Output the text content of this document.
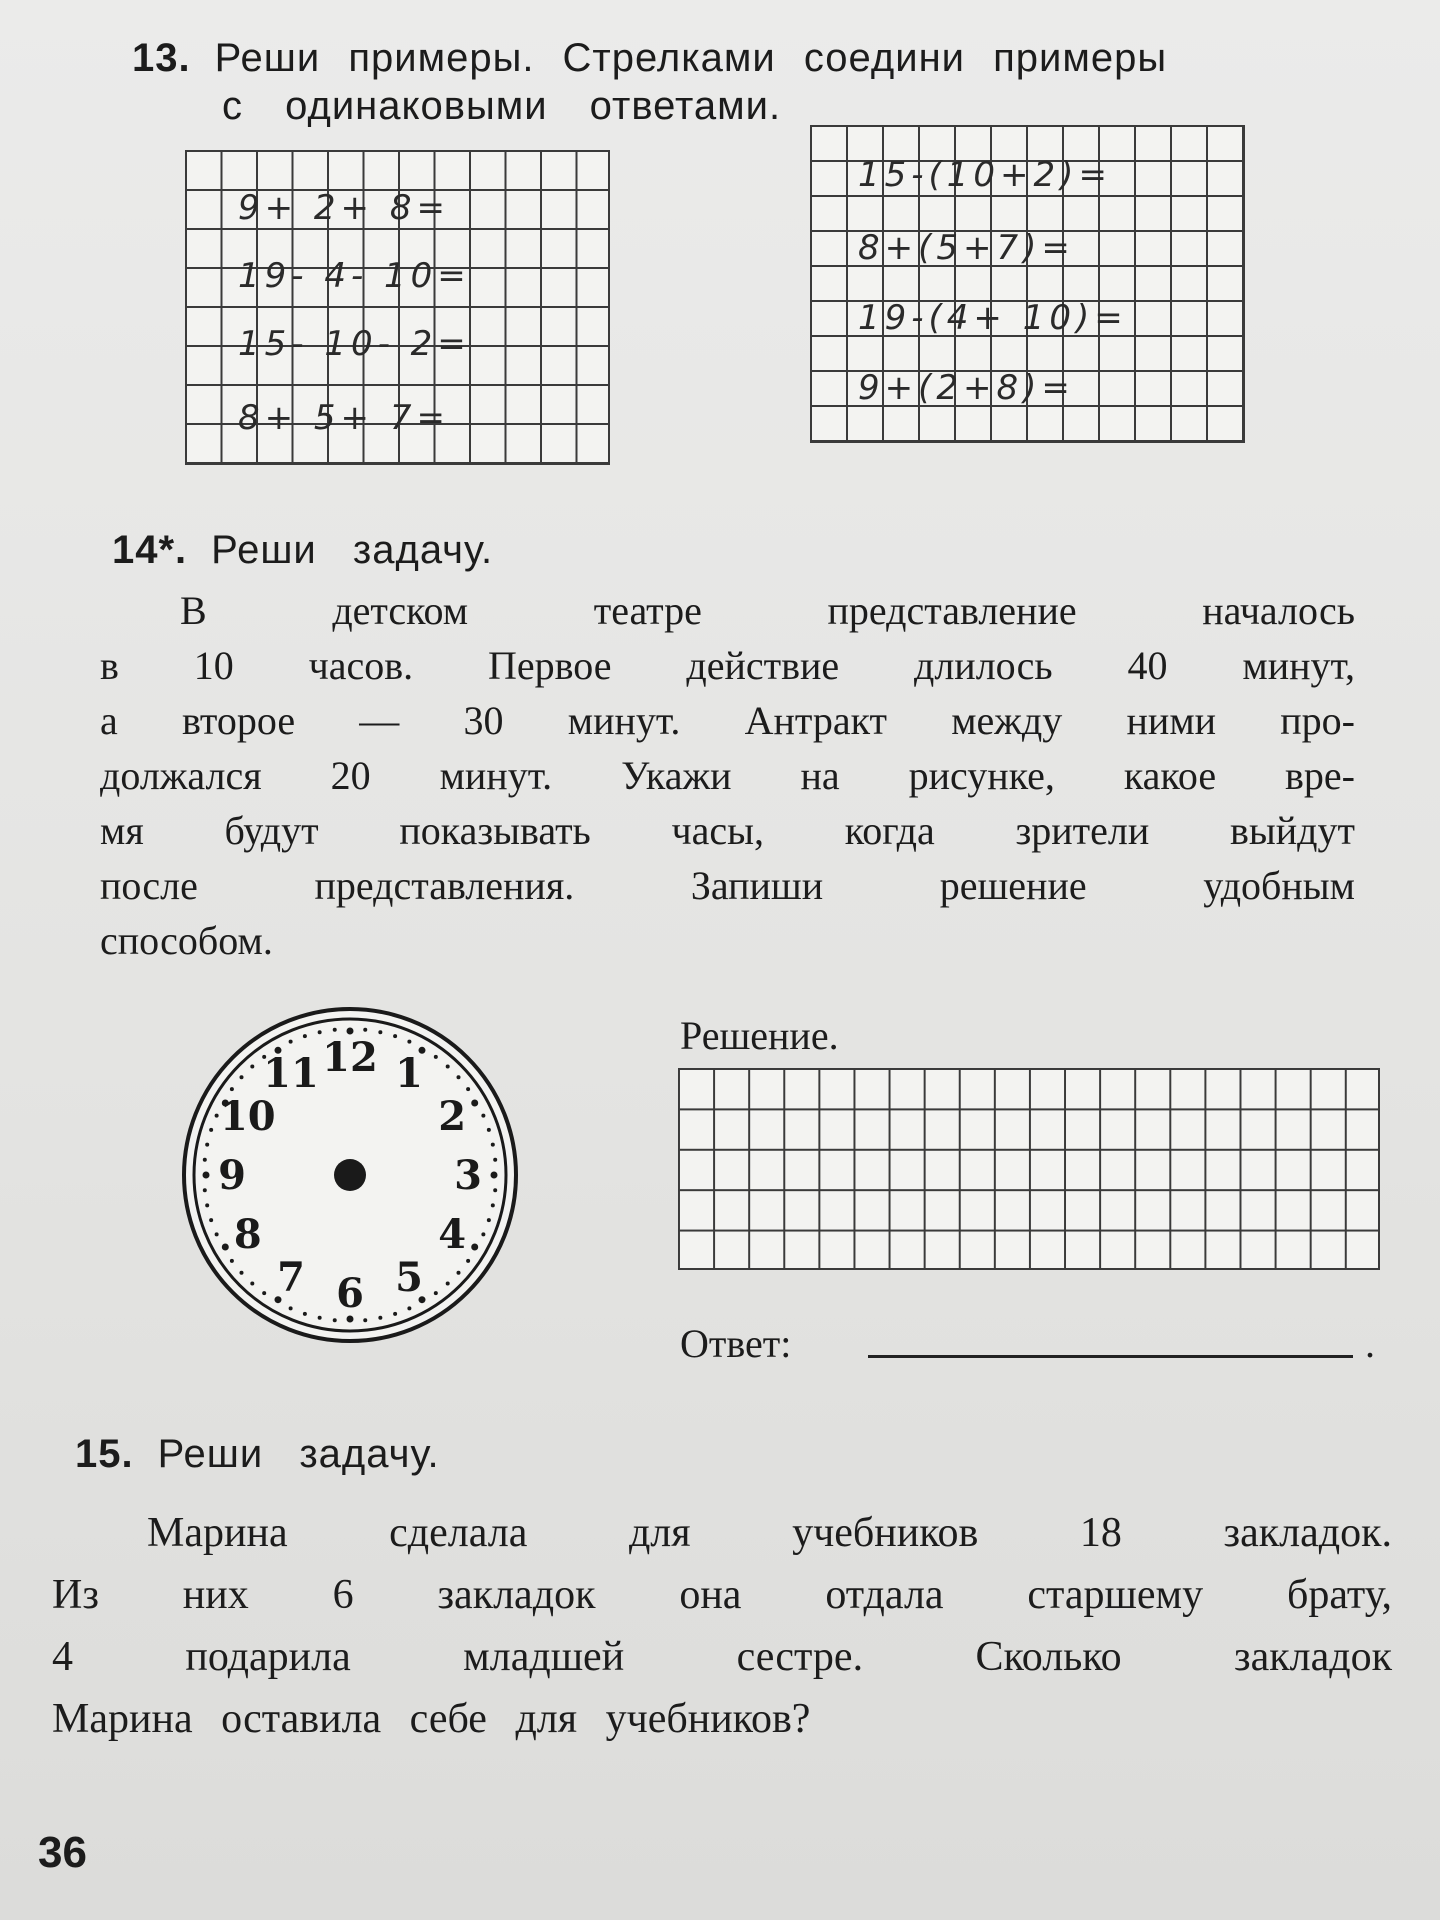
13. Реши примеры. Стрелками соедини примеры
с одинаковыми ответами.
9+ 2+ 8=
19- 4- 10=
15- 10- 2=
8+ 5+ 7=
15-(10+2)=
8+(5+7)=
19-(4+ 10)=
9+(2+8)=
14*. Реши задачу.
В детском театре представление началось
в 10 часов. Первое действие длилось 40 минут,
а второе — 30 минут. Антракт между ними про-
должался 20 минут. Укажи на рисунке, какое вре-
мя будут показывать часы, когда зрители выйдут
после представления. Запиши решение удобным
способом.
12 1
2
3
4
5
6
7
8
9
10
11
Решение.
Ответ:	.
15. Реши задачу.
Марина сделала для учебников 18 закладок.
Из них 6 закладок она отдала старшему брату,
4 подарила младшей сестре. Сколько закладок
Марина оставила себе для учебников?
36
